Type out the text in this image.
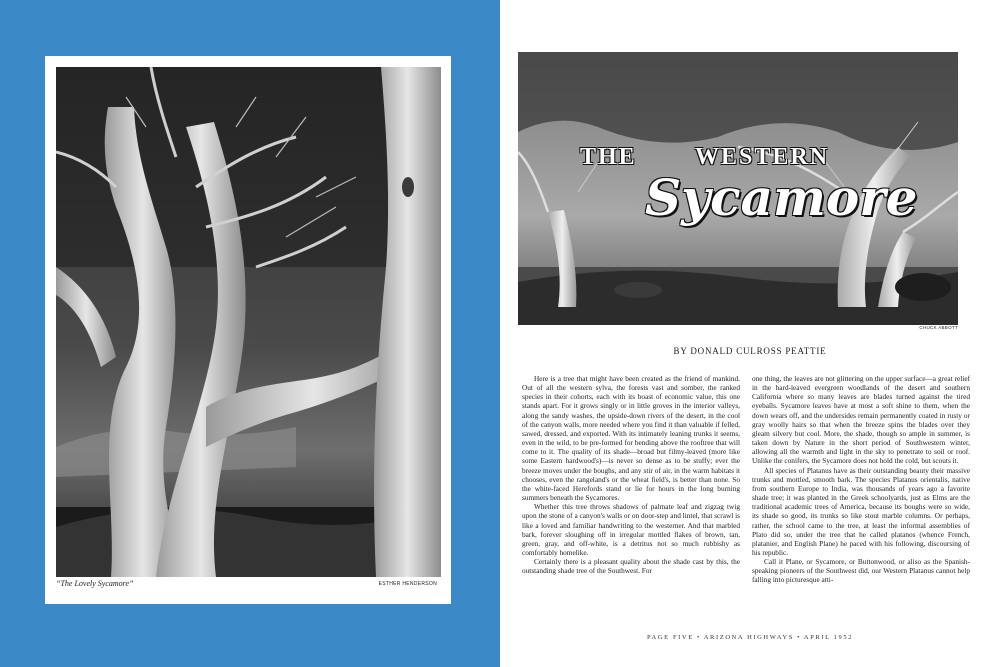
“The Lovely Sycamore”	ESTHER HENDERSON
THE WESTERN
Sycamore
CHUCK ABBOTT
BY DONALD CULROSS PEATTIE

Here is a tree that might have been created as the friend of mankind. Out of all the western sylva, the forests vast and somber, the ranked species in their cohorts, each with its boast of economic value, this one stands apart. For it grows singly or in little groves in the interior valleys, along the sandy washes, the upside-down rivers of the desert, in the cool of the canyon walls, more needed where you find it than valuable if felled, sawed, dressed, and exported. With its intimately leaning trunks it seems, even in the wild, to be pre-formed for bending above the rooftree that will come to it. The quality of its shade—broad but filmy-leaved (more like some Eastern hardwood's)—is never so dense as to be stuffy; ever the breeze moves under the boughs, and any stir of air, in the warm habitats it chooses, even the rangeland's or the wheat field's, is better than none. So the white-faced Herefords stand or lie for hours in the long burning summers beneath the Sycamores.

Whether this tree throws shadows of palmate leaf and zigzag twig upon the stone of a canyon's walls or on door-step and lintel, that scrawl is like a loved and familiar handwriting to the westerner. And that marbled bark, forever sloughing off in irregular mottled flakes of brown, tan, green, gray, and off-white, is a detritus not so much rubbishy as comfortably homelike.

Certainly there is a pleasant quality about the shade cast by this, the outstanding shade tree of the Southwest. For

one thing, the leaves are not glittering on the upper surface—a great relief in the hard-leaved evergreen woodlands of the desert and southern California where so many leaves are blades turned against the tired eyeballs. Sycamore leaves have at most a soft shine to them, when the down wears off, and the undersides remain permanently coated in rusty or gray woolly hairs so that when the breeze spins the blades over they gleam silvery but cool. More, the shade, though so ample in summer, is taken down by Nature in the short period of Southwestern winter, allowing all the warmth and light in the sky to penetrate to soil or roof. Unlike the conifers, the Sycamore does not hold the cold, but scouts it.

All species of Platanus have as their outstanding beauty their massive trunks and mottled, smooth bark. The species Platanus orientalis, native from southern Europe to India, was thousands of years ago a favorite shade tree; it was planted in the Greek schoolyards, just as Elms are the traditional academic trees of America, because its boughs were so wide, its shade so good, its trunks so like stout marble columns. Or perhaps, rather, the school came to the tree, at least the informal assemblies of Plato did so, under the tree that he called platanos (whence French, platanier, and English Plane) he paced with his following, discoursing of his republic.

Call it Plane, or Sycamore, or Buttonwood, or aliso as the Spanish-speaking pioneers of the Southwest did, our Western Platanus cannot help falling into picturesque atti-

PAGE FIVE • ARIZONA HIGHWAYS • APRIL 1952
